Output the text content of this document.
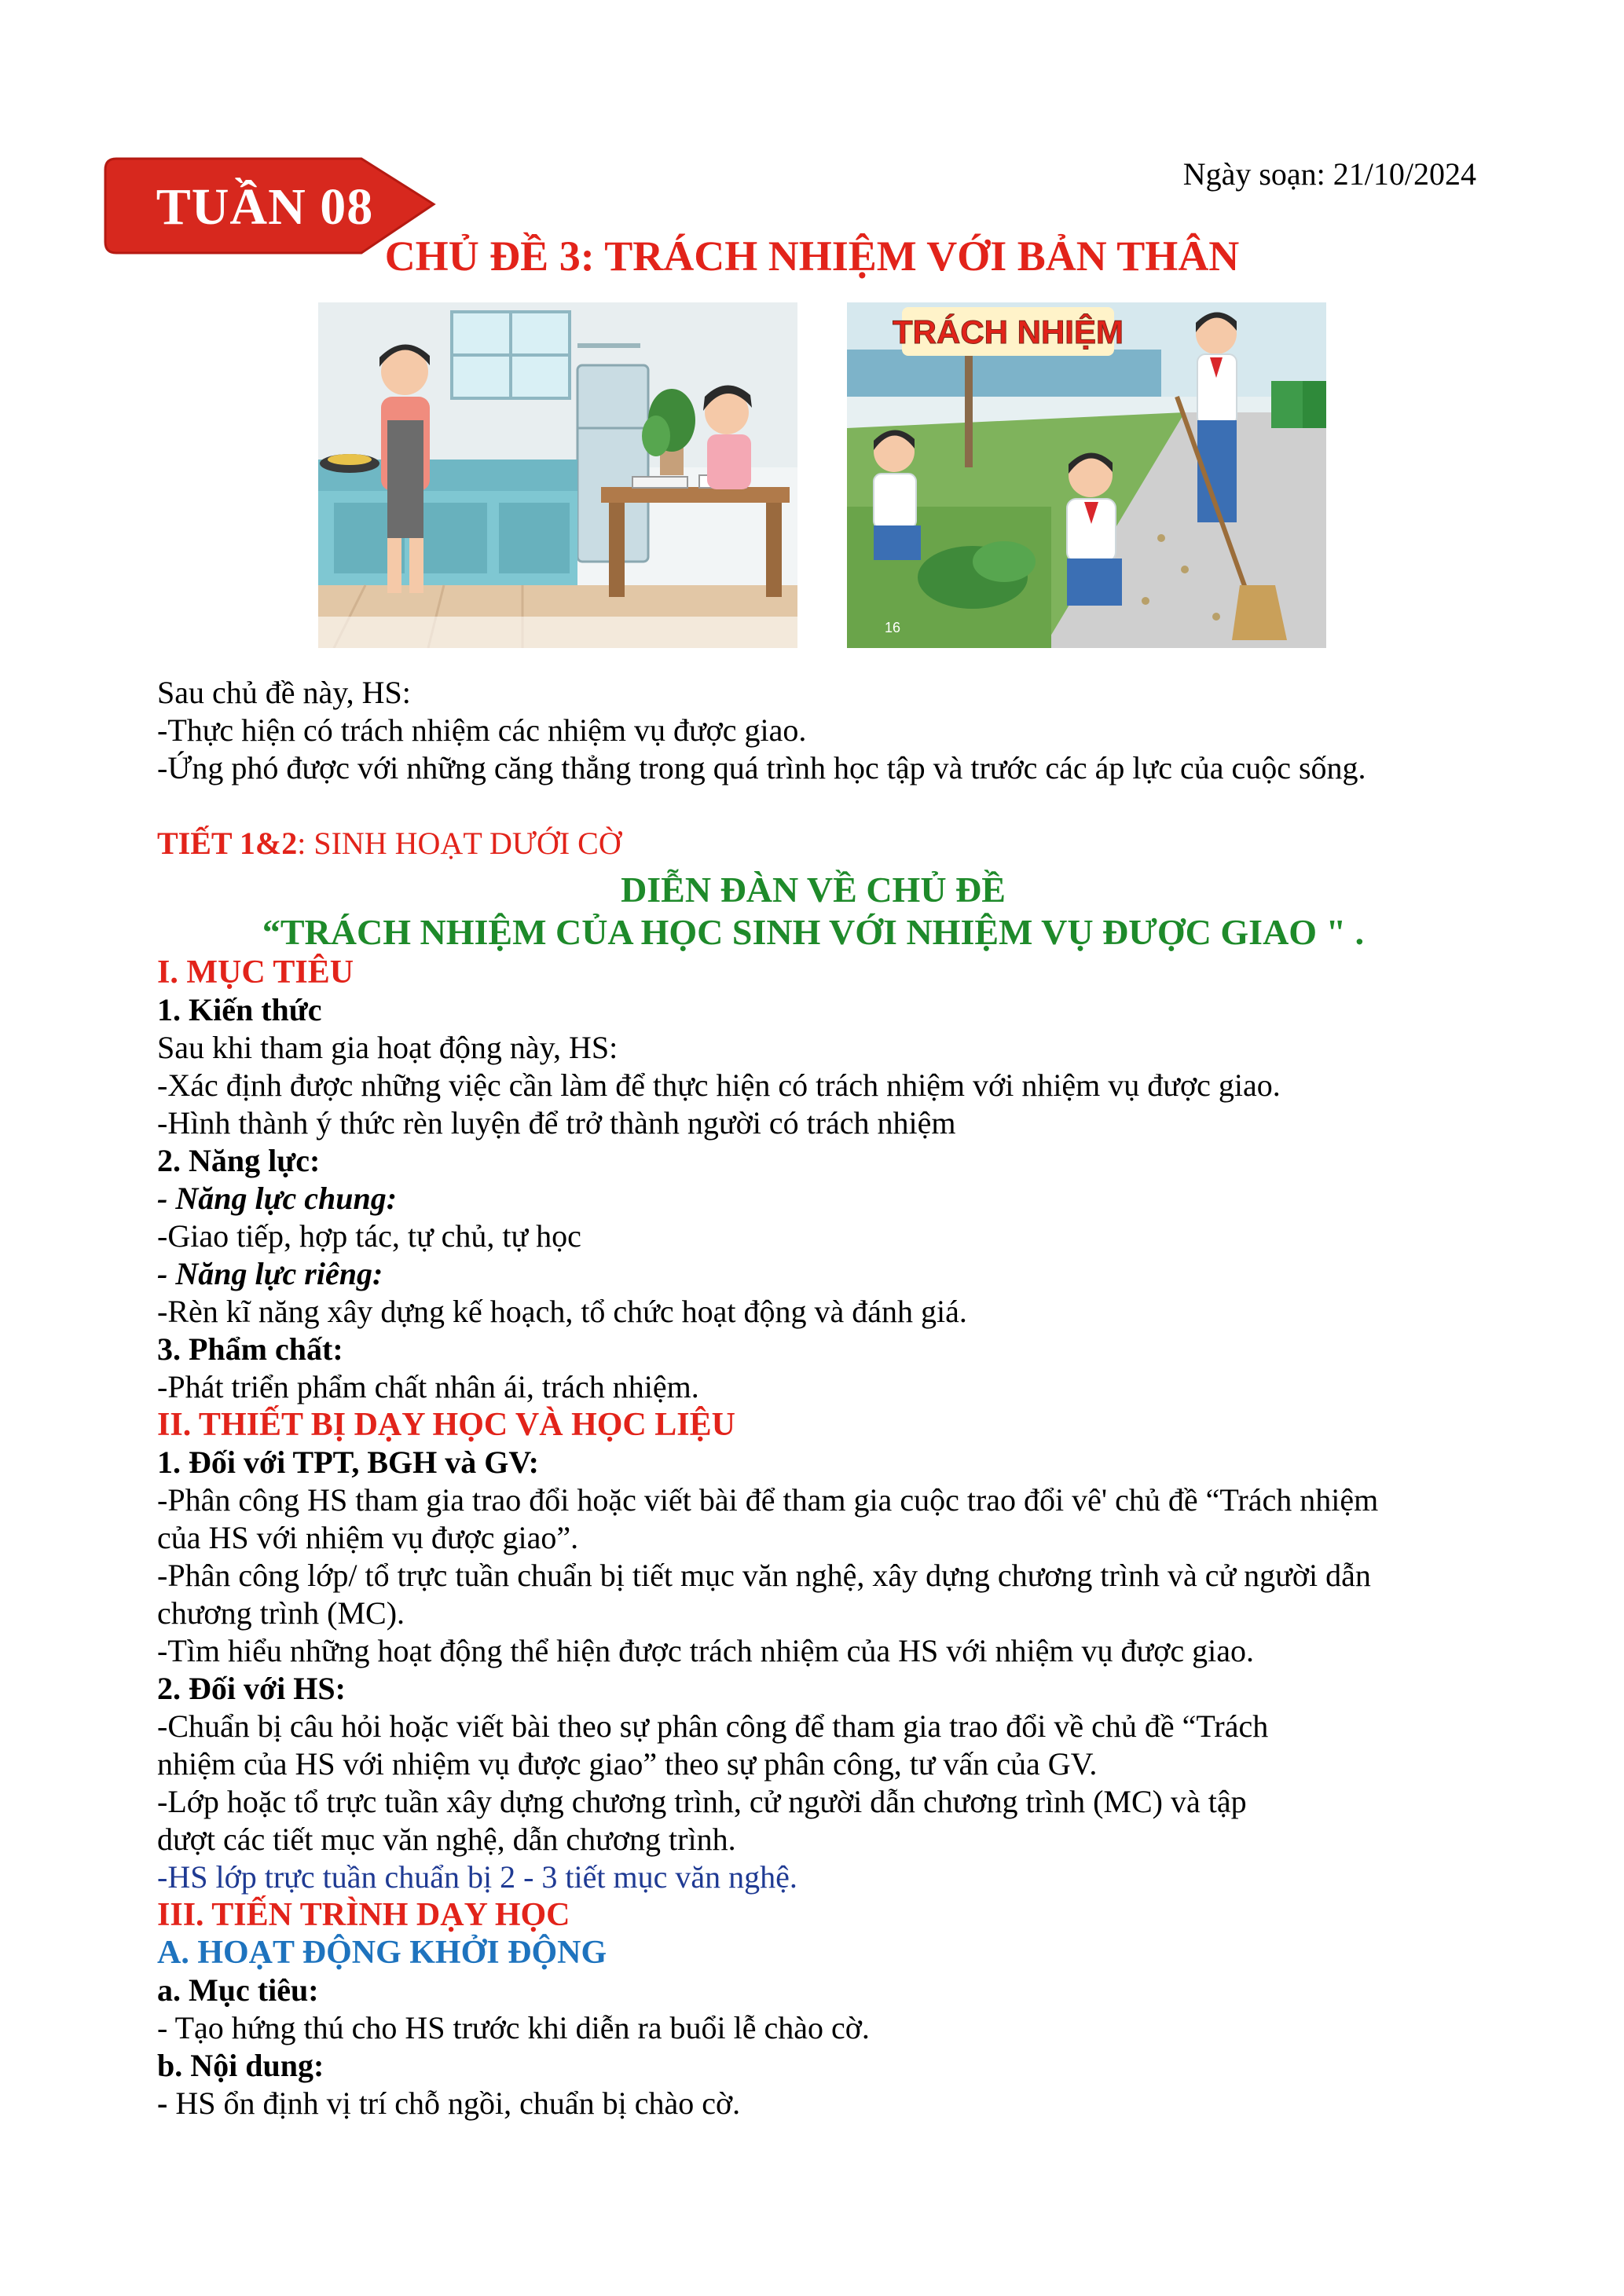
TUẦN 08
Ngày soạn: 21/10/2024
CHỦ ĐỀ 3: TRÁCH NHIỆM VỚI BẢN THÂN
TRÁCH NHIỆM
16

Sau chủ đề này, HS:

-Thực hiện có trách nhiệm các nhiệm vụ được giao.

-Ứng phó được với những căng thẳng trong quá trình học tập và trước các áp lực của cuộc sống.

TIẾT 1&2: SINH HOẠT DƯỚI CỜ

DIỄN ĐÀN VỀ CHỦ ĐỀ

“TRÁCH NHIỆM CỦA HỌC SINH VỚI NHIỆM VỤ ĐƯỢC GIAO " .

I. MỤC TIÊU

1. Kiến thức

Sau khi tham gia hoạt động này, HS:

-Xác định được những việc cần làm để thực hiện có trách nhiệm với nhiệm vụ được giao.

-Hình thành ý thức rèn luyện để trở thành người có trách nhiệm

2. Năng lực:

- Năng lực chung:

-Giao tiếp, hợp tác, tự chủ, tự học

- Năng lực riêng:

-Rèn kĩ năng xây dựng kế hoạch, tổ chức hoạt động và đánh giá.

3. Phẩm chất:

-Phát triển phẩm chất nhân ái, trách nhiệm.

II. THIẾT BỊ DẠY HỌC VÀ HỌC LIỆU

1. Đối với TPT, BGH và GV:

-Phân công HS tham gia trao đổi hoặc viết bài để tham gia cuộc trao đổi vê' chủ đề “Trách nhiệm

của HS với nhiệm vụ được giao”.

-Phân công lớp/ tổ trực tuần chuẩn bị tiết mục văn nghệ, xây dựng chương trình và cử người dẫn

chương trình (MC).

-Tìm hiểu những hoạt động thể hiện được trách nhiệm của HS với nhiệm vụ được giao.

2. Đối với HS:

-Chuẩn bị câu hỏi hoặc viết bài theo sự phân công để tham gia trao đổi về chủ đề “Trách

nhiệm của HS với nhiệm vụ được giao” theo sự phân công, tư vấn của GV.

-Lớp hoặc tổ trực tuần xây dựng chương trình, cử người dẫn chương trình (MC) và tập

dượt các tiết mục văn nghệ, dẫn chương trình.

-HS lớp trực tuần chuẩn bị 2 - 3 tiết mục văn nghệ.

III. TIẾN TRÌNH DẠY HỌC

A. HOẠT ĐỘNG KHỞI ĐỘNG

a. Mục tiêu:

- Tạo hứng thú cho HS trước khi diễn ra buổi lễ chào cờ.

b. Nội dung:

- HS ổn định vị trí chỗ ngồi, chuẩn bị chào cờ.
